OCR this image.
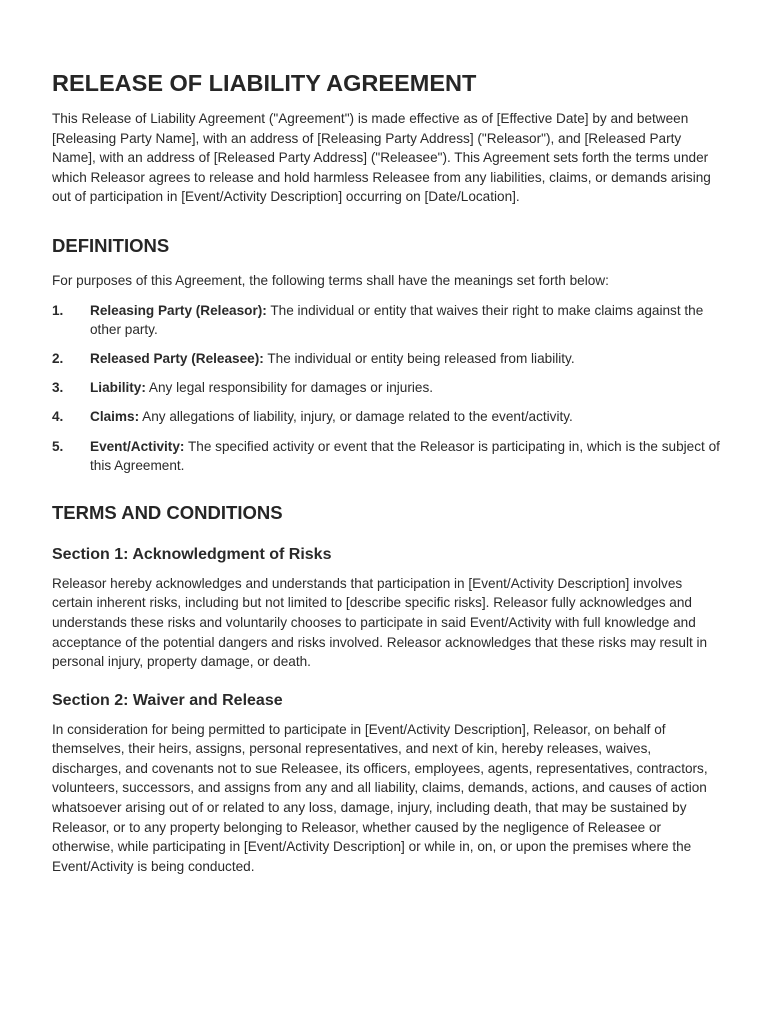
RELEASE OF LIABILITY AGREEMENT

This Release of Liability Agreement ("Agreement") is made effective as of [Effective Date] by and between [Releasing Party Name], with an address of [Releasing Party Address] ("Releasor"), and [Released Party Name], with an address of [Released Party Address] ("Releasee"). This Agreement sets forth the terms under which Releasor agrees to release and hold harmless Releasee from any liabilities, claims, or demands arising out of participation in [Event/Activity Description] occurring on [Date/Location].

DEFINITIONS

For purposes of this Agreement, the following terms shall have the meanings set forth below:

1.	Releasing Party (Releasor): The individual or entity that waives their right to make claims against the other party.
2.	Released Party (Releasee): The individual or entity being released from liability.
3.	Liability: Any legal responsibility for damages or injuries.
4.	Claims: Any allegations of liability, injury, or damage related to the event/activity.
5.	Event/Activity: The specified activity or event that the Releasor is participating in, which is the subject of this Agreement.
TERMS AND CONDITIONS
Section 1: Acknowledgment of Risks

Releasor hereby acknowledges and understands that participation in [Event/Activity Description] involves certain inherent risks, including but not limited to [describe specific risks]. Releasor fully acknowledges and understands these risks and voluntarily chooses to participate in said Event/Activity with full knowledge and acceptance of the potential dangers and risks involved. Releasor acknowledges that these risks may result in personal injury, property damage, or death.

Section 2: Waiver and Release

In consideration for being permitted to participate in [Event/Activity Description], Releasor, on behalf of themselves, their heirs, assigns, personal representatives, and next of kin, hereby releases, waives, discharges, and covenants not to sue Releasee, its officers, employees, agents, representatives, contractors, volunteers, successors, and assigns from any and all liability, claims, demands, actions, and causes of action whatsoever arising out of or related to any loss, damage, injury, including death, that may be sustained by Releasor, or to any property belonging to Releasor, whether caused by the negligence of Releasee or otherwise, while participating in [Event/Activity Description] or while in, on, or upon the premises where the Event/Activity is being conducted.
